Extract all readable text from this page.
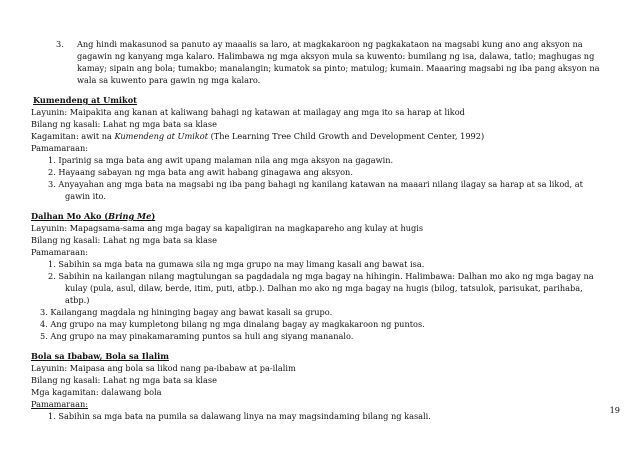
3. Ang hindi makasunod sa panuto ay maaalis sa laro, at magkakaroon ng pagkakataon na magsabi kung ano ang aksyon na
gagawin ng kanyang mga kalaro. Halimbawa ng mga aksyon mula sa kuwento: bumilang ng isa, dalawa, tatlo; maghugas ng
kamay; sipain ang bola; tumakbo; manalangin; kumatok sa pinto; matulog; kumain. Maaaring magsabi ng iba pang aksyon na
wala sa kuwento para gawin ng mga kalaro.
Kumendeng at Umikot
Layunin: Maipakita ang kanan at kaliwang bahagi ng katawan at mailagay ang mga ito sa harap at likod
Bilang ng kasali: Lahat ng mga bata sa klase
Kagamitan: awit na Kumendeng at Umikot (The Learning Tree Child Growth and Development Center, 1992)
Pamamaraan:
1. Iparinig sa mga bata ang awit upang malaman nila ang mga aksyon na gagawin.
2. Hayaang sabayan ng mga bata ang awit habang ginagawa ang aksyon.
3. Anyayahan ang mga bata na magsabi ng iba pang bahagi ng kanilang katawan na maaari nilang ilagay sa harap at sa likod, at
gawin ito.
Dalhan Mo Ako (Bring Me)
Layunin: Mapagsama-sama ang mga bagay sa kapaligiran na magkapareho ang kulay at hugis
Bilang ng kasali: Lahat ng mga bata sa klase
Pamamaraan:
1. Sabihin sa mga bata na gumawa sila ng mga grupo na may limang kasali ang bawat isa.
2. Sabihin na kailangan nilang magtulungan sa pagdadala ng mga bagay na hihingin. Halimbawa: Dalhan mo ako ng mga bagay na
kulay (pula, asul, dilaw, berde, itim, puti, atbp.). Dalhan mo ako ng mga bagay na hugis (bilog, tatsulok, parisukat, parihaba,
atbp.)
3. Kailangang magdala ng hininging bagay ang bawat kasali sa grupo.
4. Ang grupo na may kumpletong bilang ng mga dinalang bagay ay magkakaroon ng puntos.
5. Ang grupo na may pinakamaraming puntos sa huli ang siyang mananalo.
Bola sa Ibabaw, Bola sa Ilalim
Layunin: Maipasa ang bola sa likod nang pa-ibabaw at pa-ilalim
Bilang ng kasali: Lahat ng mga bata sa klase
Mga kagamitan: dalawang bola
Pamamaraan:
1. Sabihin sa mga bata na pumila sa dalawang linya na may magsindaming bilang ng kasali.
19
